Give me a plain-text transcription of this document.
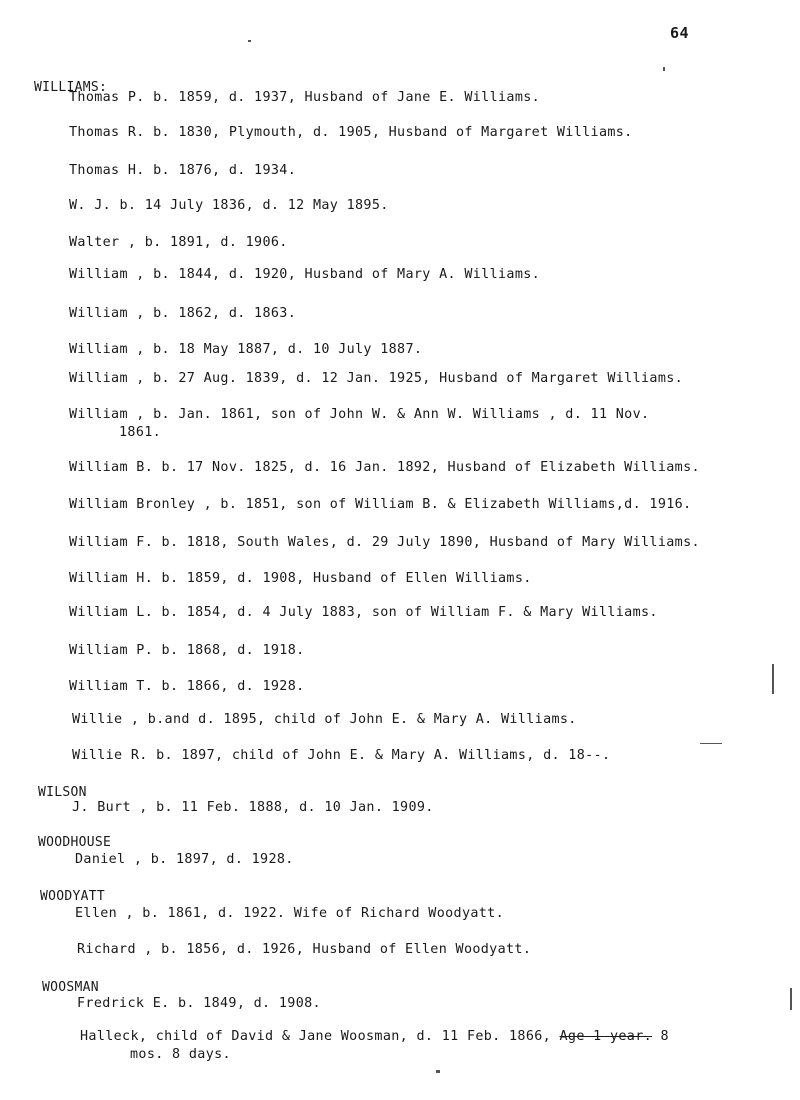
64
WILLIAMS:
Thomas P. b. 1859, d. 1937, Husband of Jane E. Williams.
Thomas R. b. 1830, Plymouth, d. 1905, Husband of Margaret Williams.
Thomas H. b. 1876, d. 1934.
W. J. b. 14 July 1836, d. 12 May 1895.
Walter , b. 1891, d. 1906.
William , b. 1844, d. 1920, Husband of Mary A. Williams.
William , b. 1862, d. 1863.
William , b. 18 May 1887, d. 10 July 1887.
William , b. 27 Aug. 1839, d. 12 Jan. 1925, Husband of Margaret Williams.
William , b. Jan. 1861, son of John W. & Ann W. Williams , d. 11 Nov.
1861.
William B. b. 17 Nov. 1825, d. 16 Jan. 1892, Husband of Elizabeth Williams.
William Bronley , b. 1851, son of William B. & Elizabeth Williams,d. 1916.
William F. b. 1818, South Wales, d. 29 July 1890, Husband of Mary Williams.
William H. b. 1859, d. 1908, Husband of Ellen Williams.
William L. b. 1854, d. 4 July 1883, son of William F. & Mary Williams.
William P. b. 1868, d. 1918.
William T. b. 1866, d. 1928.
Willie , b.and d. 1895, child of John E. & Mary A. Williams.
Willie R. b. 1897, child of John E. & Mary A. Williams, d. 18--.
WILSON
J. Burt , b. 11 Feb. 1888, d. 10 Jan. 1909.
WOODHOUSE
Daniel , b. 1897, d. 1928.
WOODYATT
Ellen , b. 1861, d. 1922. Wife of Richard Woodyatt.
Richard , b. 1856, d. 1926, Husband of Ellen Woodyatt.
WOOSMAN
Fredrick E. b. 1849, d. 1908.
Halleck, child of David & Jane Woosman, d. 11 Feb. 1866, Age 1 year. 8
mos. 8 days.
